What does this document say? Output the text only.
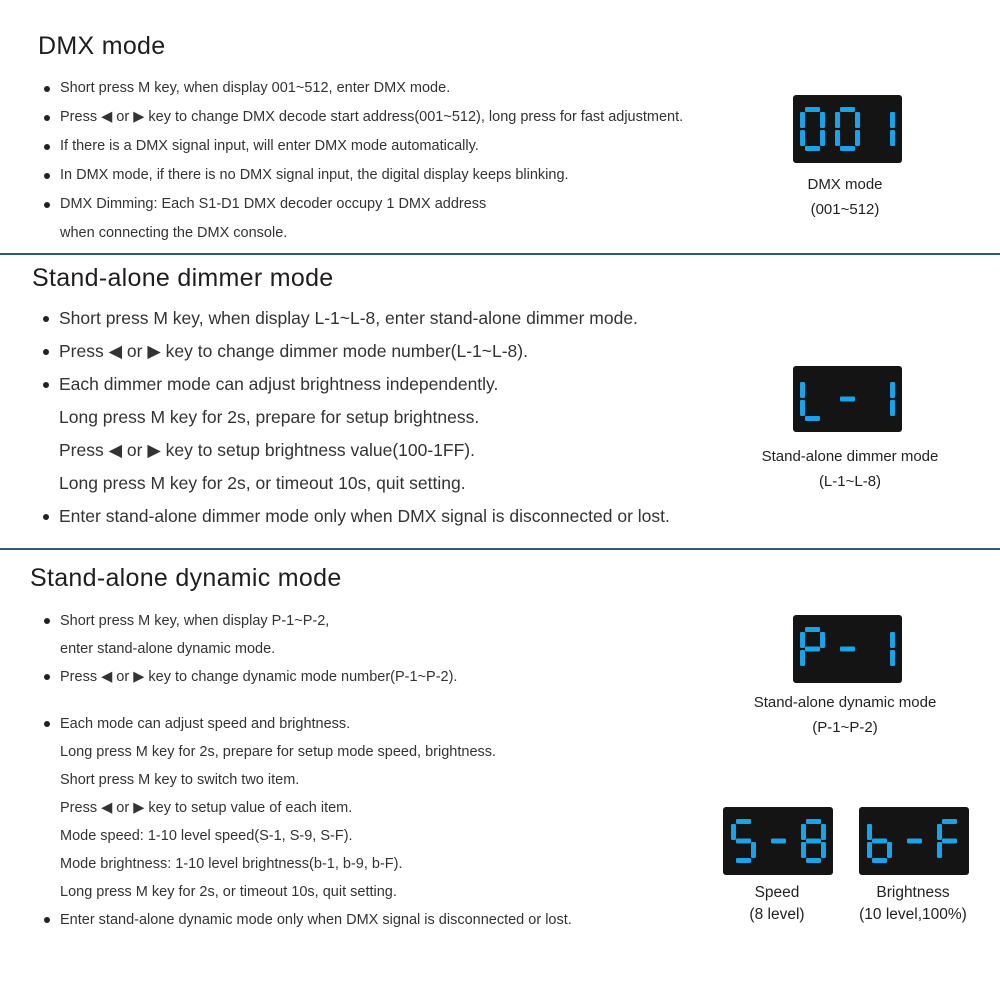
DMX mode
Short press M key, when display 001~512, enter DMX mode.
Press ◀ or ▶ key to change DMX decode start address(001~512), long press for fast adjustment.
If there is a DMX signal input, will enter DMX mode automatically.
In DMX mode, if there is no DMX signal input, the digital display keeps blinking.
DMX Dimming: Each S1-D1 DMX decoder occupy 1 DMX address
when connecting the DMX console.
DMX mode
(001~512)
Stand-alone dimmer mode
Short press M key, when display L-1~L-8, enter stand-alone dimmer mode.
Press ◀ or ▶ key to change dimmer mode number(L-1~L-8).
Each dimmer mode can adjust brightness independently.
Long press M key for 2s, prepare for setup brightness.
Press ◀ or ▶ key to setup brightness value(100-1FF).
Long press M key for 2s, or timeout 10s, quit setting.
Enter stand-alone dimmer mode only when DMX signal is disconnected or lost.
Stand-alone dimmer mode
(L-1~L-8)
Stand-alone dynamic mode
Short press M key, when display P-1~P-2,
enter stand-alone dynamic mode.
Press ◀ or ▶ key to change dynamic mode number(P-1~P-2).
Each mode can adjust speed and brightness.
Long press M key for 2s, prepare for setup mode speed, brightness.
Short press M key to switch two item.
Press ◀ or ▶ key to setup value of each item.
Mode speed: 1-10 level speed(S-1, S-9, S-F).
Mode brightness: 1-10 level brightness(b-1, b-9, b-F).
Long press M key for 2s, or timeout 10s, quit setting.
Enter stand-alone dynamic mode only when DMX signal is disconnected or lost.
Stand-alone dynamic mode
(P-1~P-2)
Speed
(8 level)
Brightness
(10 level,100%)
